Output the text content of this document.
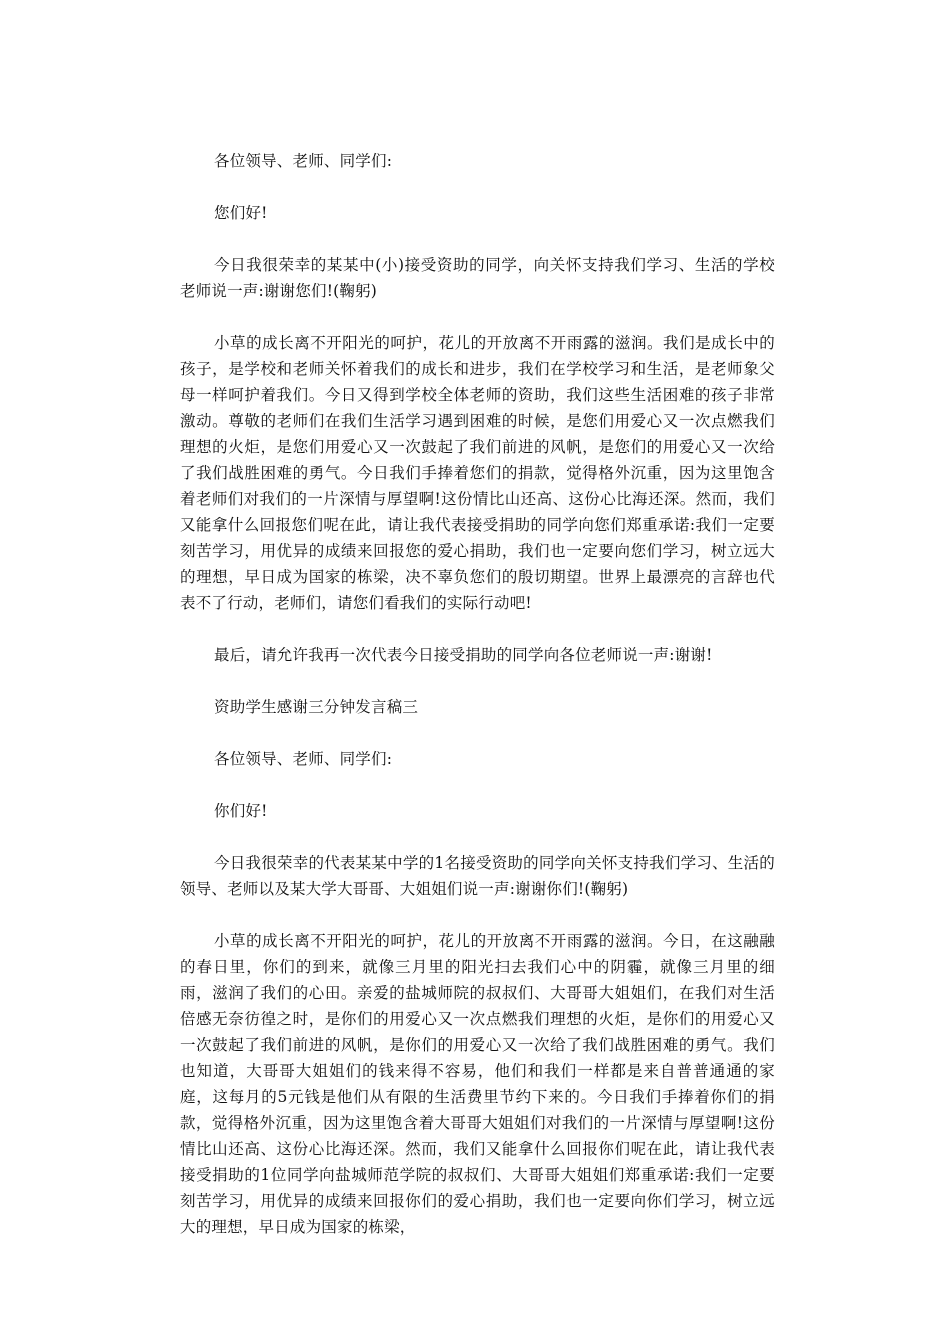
各位领导、老师、同学们:

您们好!

今日我很荣幸的某某中(小)接受资助的同学，向关怀支持我们学习、生活的学校老师说一声:谢谢您们!(鞠躬)

小草的成长离不开阳光的呵护，花儿的开放离不开雨露的滋润。我们是成长中的孩子，是学校和老师关怀着我们的成长和进步，我们在学校学习和生活，是老师象父母一样呵护着我们。今日又得到学校全体老师的资助，我们这些生活困难的孩子非常激动。尊敬的老师们在我们生活学习遇到困难的时候，是您们用爱心又一次点燃我们理想的火炬，是您们用爱心又一次鼓起了我们前进的风帆，是您们的用爱心又一次给了我们战胜困难的勇气。今日我们手捧着您们的捐款，觉得格外沉重，因为这里饱含着老师们对我们的一片深情与厚望啊!这份情比山还高、这份心比海还深。然而，我们又能拿什么回报您们呢在此，请让我代表接受捐助的同学向您们郑重承诺:我们一定要刻苦学习，用优异的成绩来回报您的爱心捐助，我们也一定要向您们学习，树立远大的理想，早日成为国家的栋梁，决不辜负您们的殷切期望。世界上最漂亮的言辞也代表不了行动，老师们，请您们看我们的实际行动吧!

最后，请允许我再一次代表今日接受捐助的同学向各位老师说一声:谢谢!

资助学生感谢三分钟发言稿三

各位领导、老师、同学们:

你们好!

今日我很荣幸的代表某某中学的1名接受资助的同学向关怀支持我们学习、生活的领导、老师以及某大学大哥哥、大姐姐们说一声:谢谢你们!(鞠躬)

小草的成长离不开阳光的呵护，花儿的开放离不开雨露的滋润。今日，在这融融的春日里，你们的到来，就像三月里的阳光扫去我们心中的阴霾，就像三月里的细雨，滋润了我们的心田。亲爱的盐城师院的叔叔们、大哥哥大姐姐们，在我们对生活倍感无奈彷徨之时，是你们的用爱心又一次点燃我们理想的火炬，是你们的用爱心又一次鼓起了我们前进的风帆，是你们的用爱心又一次给了我们战胜困难的勇气。我们也知道，大哥哥大姐姐们的钱来得不容易，他们和我们一样都是来自普普通通的家庭，这每月的5元钱是他们从有限的生活费里节约下来的。今日我们手捧着你们的捐款，觉得格外沉重，因为这里饱含着大哥哥大姐姐们对我们的一片深情与厚望啊!这份情比山还高、这份心比海还深。然而，我们又能拿什么回报你们呢在此，请让我代表接受捐助的1位同学向盐城师范学院的叔叔们、大哥哥大姐姐们郑重承诺:我们一定要刻苦学习，用优异的成绩来回报你们的爱心捐助，我们也一定要向你们学习，树立远大的理想，早日成为国家的栋梁，
